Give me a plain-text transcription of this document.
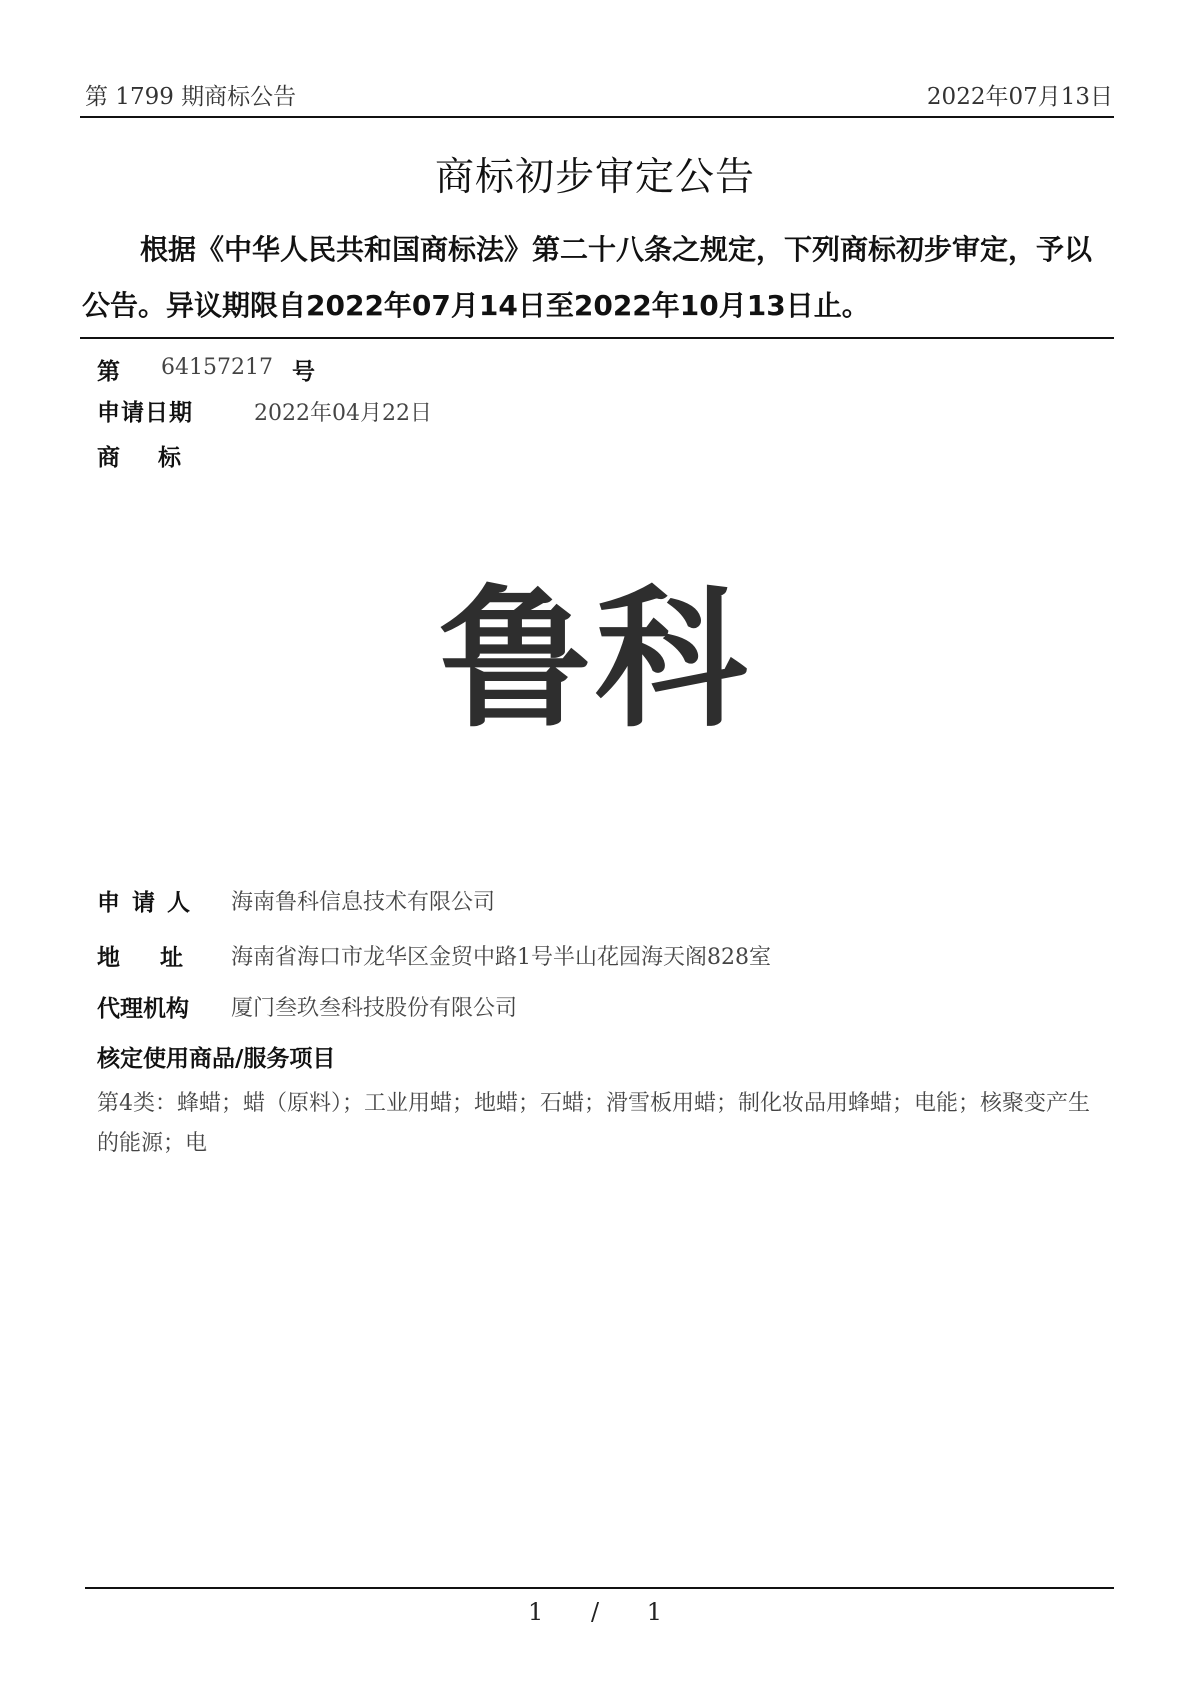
第 1799 期商标公告	2022年07月13日
商标初步审定公告
根据《中华人民共和国商标法》第二十八条之规定，下列商标初步审定，予以公告。异议期限自2022年07月14日至2022年10月13日止。
第 64157217 号
申请日期	2022年04月22日
商标
鲁科
申请人 海南鲁科信息技术有限公司
地址 海南省海口市龙华区金贸中路1号半山花园海天阁828室
代理机构 厦门叁玖叁科技股份有限公司
核定使用商品/服务项目
第4类：蜂蜡；蜡（原料）；工业用蜡；地蜡；石蜡；滑雪板用蜡；制化妆品用蜂蜡；电能；核聚变产生的能源；电
1 / 1
